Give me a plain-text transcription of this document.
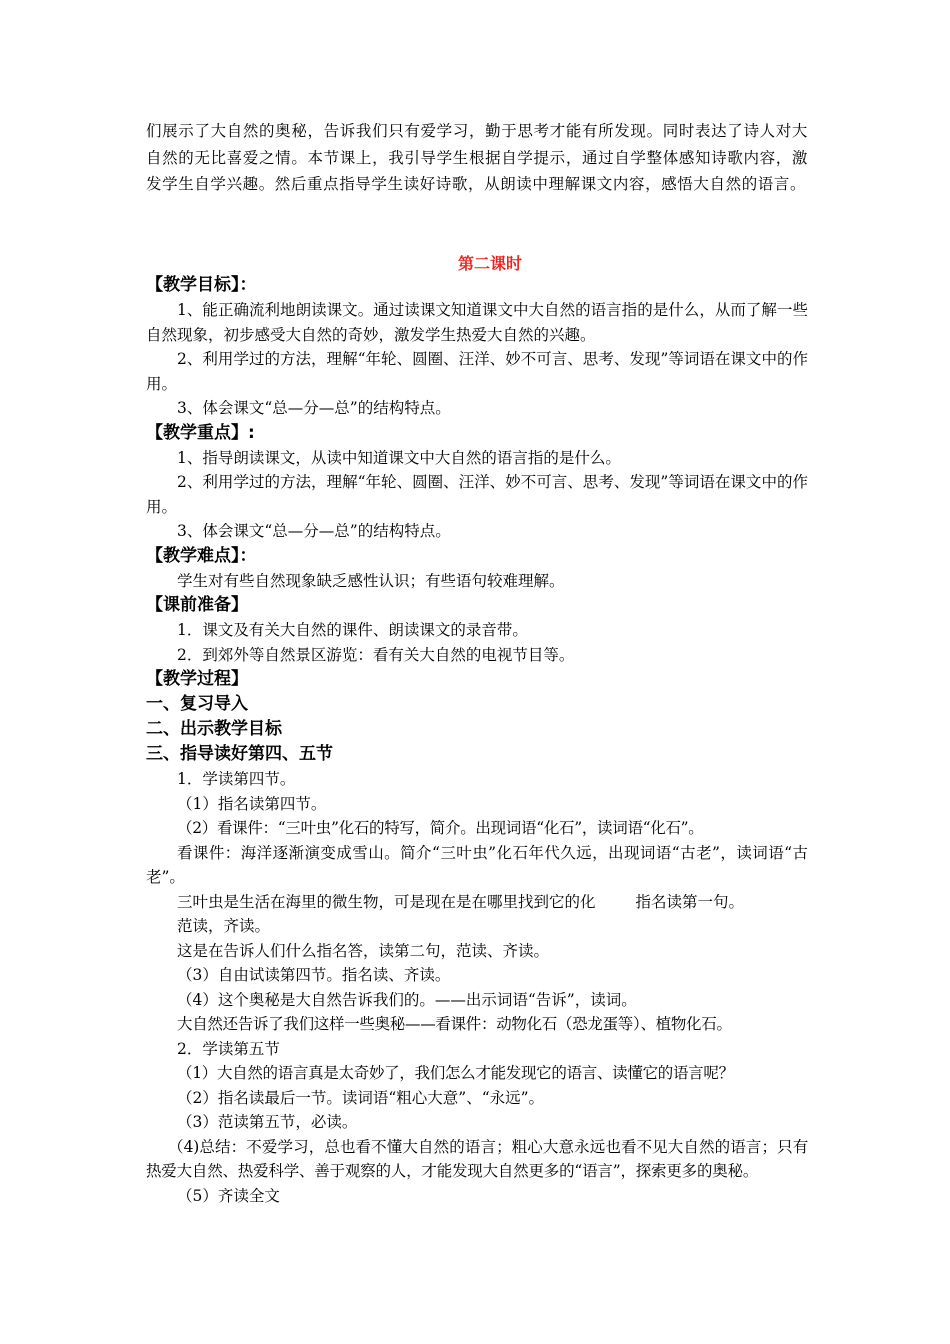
们展示了大自然的奥秘，告诉我们只有爱学习，勤于思考才能有所发现。同时表达了诗人对大自然的无比喜爱之情。本节课上，我引导学生根据自学提示，通过自学整体感知诗歌内容，激发学生自学兴趣。然后重点指导学生读好诗歌，从朗读中理解课文内容，感悟大自然的语言。
第二课时
【教学目标】：
1、能正确流利地朗读课文。通过读课文知道课文中大自然的语言指的是什么，从而了解一些自然现象，初步感受大自然的奇妙，激发学生热爱大自然的兴趣。
2、利用学过的方法，理解“年轮、圆圈、汪洋、妙不可言、思考、发现”等词语在课文中的作用。
3、体会课文“总—分—总”的结构特点。
【教学重点】:
1、指导朗读课文，从读中知道课文中大自然的语言指的是什么。
2、利用学过的方法，理解“年轮、圆圈、汪洋、妙不可言、思考、发现”等词语在课文中的作用。
3、体会课文“总—分—总”的结构特点。
【教学难点】：
学生对有些自然现象缺乏感性认识；有些语句较难理解。
【课前准备】
1．课文及有关大自然的课件、朗读课文的录音带。
2．到郊外等自然景区游览：看有关大自然的电视节目等。
【教学过程】
一、复习导入
二、出示教学目标
三、指导读好第四、五节
1．学读第四节。
（1）指名读第四节。
（2）看课件：“三叶虫”化石的特写，简介。出现词语“化石”，读词语“化石”。
看课件：海洋逐渐演变成雪山。简介“三叶虫”化石年代久远，出现词语“古老”，读词语“古老”。
三叶虫是生活在海里的微生物，可是现在是在哪里找到它的化	指名读第一句。
范读，齐读。
这是在告诉人们什么指名答，读第二句，范读、齐读。
（3）自由试读第四节。指名读、齐读。
（4）这个奥秘是大自然告诉我们的。——出示词语“告诉”，读词。
大自然还告诉了我们这样一些奥秘——看课件：动物化石（恐龙蛋等）、植物化石。
2．学读第五节
（1）大自然的语言真是太奇妙了，我们怎么才能发现它的语言、读懂它的语言呢？
（2）指名读最后一节。读词语“粗心大意”、“永远”。
（3）范读第五节，必读。
（4)总结：不爱学习，总也看不懂大自然的语言；粗心大意永远也看不见大自然的语言；只有热爱大自然、热爱科学、善于观察的人，才能发现大自然更多的“语言”，探索更多的奥秘。
（5）齐读全文
